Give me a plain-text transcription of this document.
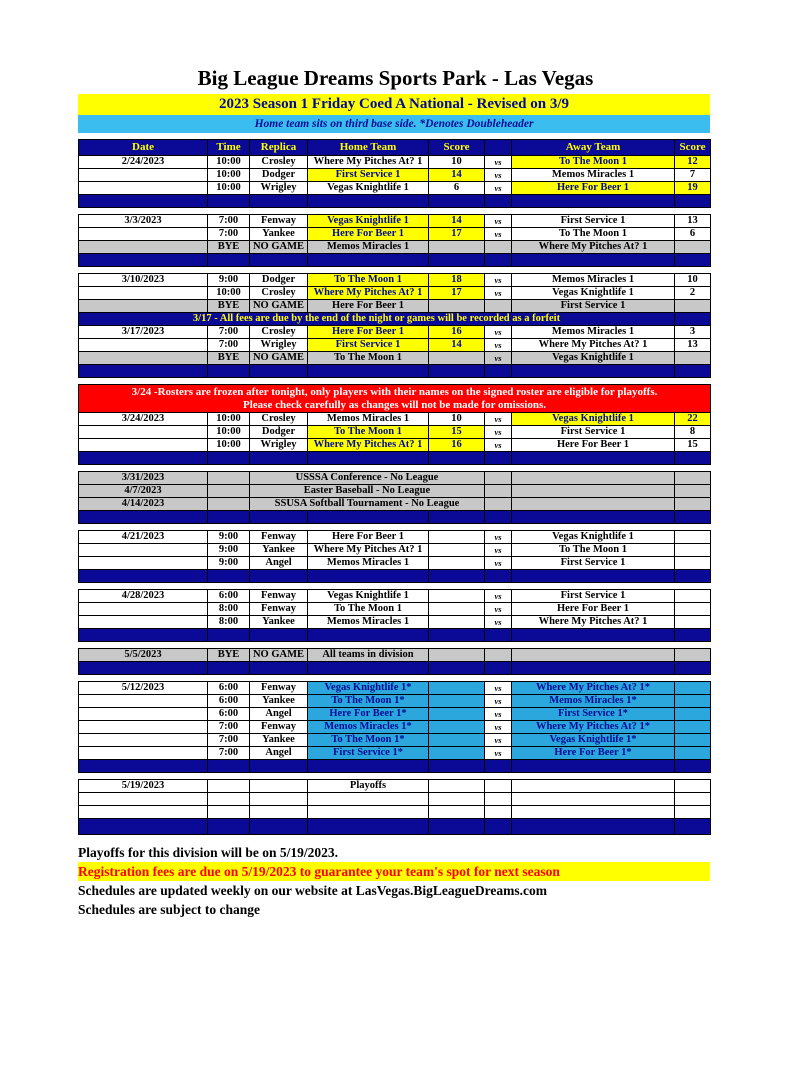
Big League Dreams Sports Park - Las Vegas
2023 Season 1 Friday Coed A National - Revised on 3/9
Home team sits on third base side. *Denotes Doubleheader
Date	Time	Replica	Home Team	Score		Away Team	Score
2/24/2023	10:00	Crosley	Where My Pitches At? 1	10	vs	To The Moon 1	12
	10:00	Dodger	First Service 1	14	vs	Memos Miracles 1	7
	10:00	Wrigley	Vegas Knightlife 1	6	vs	Here For Beer 1	19

3/3/2023	7:00	Fenway	Vegas Knightlife 1	14	vs	First Service 1	13
	7:00	Yankee	Here For Beer 1	17	vs	To The Moon 1	6
	BYE	NO GAME	Memos Miracles 1			Where My Pitches At? 1	

3/10/2023	9:00	Dodger	To The Moon 1	18	vs	Memos Miracles 1	10
	10:00	Crosley	Where My Pitches At? 1	17	vs	Vegas Knightlife 1	2
	BYE	NO GAME	Here For Beer 1			First Service 1	
3/17 - All fees are due by the end of the night or games will be recorded as a forfeit							
3/17/2023	7:00	Crosley	Here For Beer 1	16	vs	Memos Miracles 1	3
	7:00	Wrigley	First Service 1	14	vs	Where My Pitches At? 1	13
	BYE	NO GAME	To The Moon 1		vs	Vegas Knightlife 1	

3/24 -Rosters are frozen after tonight, only players with their names on the signed roster are eligible for playoffs.
Please check carefully as changes will not be made for omissions.							

3/24/2023	10:00	Crosley	Memos Miracles 1	10	vs	Vegas Knightlife 1	22
	10:00	Dodger	To The Moon 1	15	vs	First Service 1	8
	10:00	Wrigley	Where My Pitches At? 1	16	vs	Here For Beer 1	15

3/31/2023		USSSA Conference - No League					
4/7/2023		Easter Baseball - No League					
4/14/2023		SSUSA Softball Tournament - No League					

4/21/2023	9:00	Fenway	Here For Beer 1		vs	Vegas Knightlife 1	
	9:00	Yankee	Where My Pitches At? 1		vs	To The Moon 1	
	9:00	Angel	Memos Miracles 1		vs	First Service 1	

4/28/2023	6:00	Fenway	Vegas Knightlife 1		vs	First Service 1	
	8:00	Fenway	To The Moon 1		vs	Here For Beer 1	
	8:00	Yankee	Memos Miracles 1		vs	Where My Pitches At? 1	

5/5/2023	BYE	NO GAME	All teams in division				

5/12/2023	6:00	Fenway	Vegas Knightlife 1*		vs	Where My Pitches At? 1*	
	6:00	Yankee	To The Moon 1*		vs	Memos Miracles 1*	
	6:00	Angel	Here For Beer 1*		vs	First Service 1*	
	7:00	Fenway	Memos Miracles 1*		vs	Where My Pitches At? 1*	
	7:00	Yankee	To The Moon 1*		vs	Vegas Knightlife 1*	
	7:00	Angel	First Service 1*		vs	Here For Beer 1*	

5/19/2023			Playoffs				

Playoffs for this division will be on 5/19/2023.
Registration fees are due on 5/19/2023 to guarantee your team's spot for next season
Schedules are updated weekly on our website at LasVegas.BigLeagueDreams.com
Schedules are subject to change
